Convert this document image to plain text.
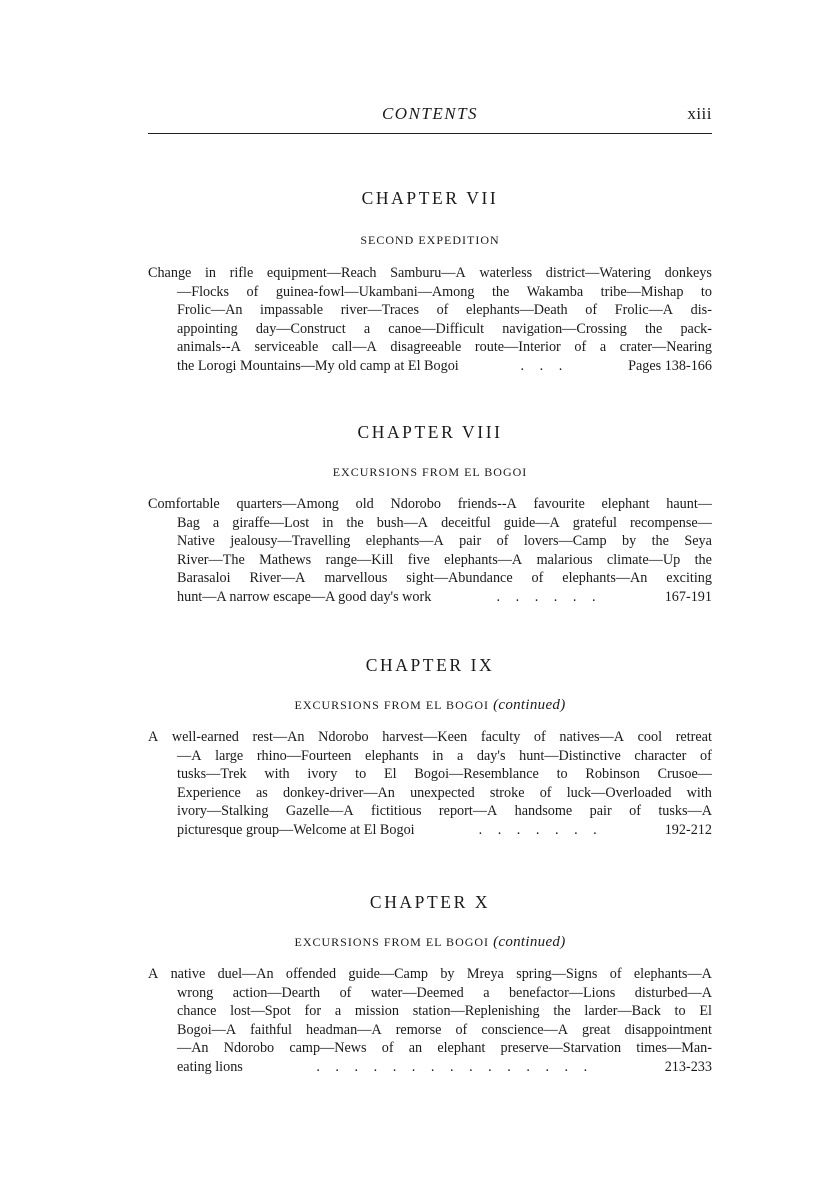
CONTENTS	xiii
CHAPTER VII
SECOND EXPEDITION
Change in rifle equipment—Reach Samburu—A waterless district—Watering donkeys
—Flocks of guinea-fowl—Ukambani—Among the Wakamba tribe—Mishap to
Frolic—An impassable river—Traces of elephants—Death of Frolic—A dis-
appointing day—Construct a canoe—Difficult navigation—Crossing the pack-
animals--A serviceable call—A disagreeable route—Interior of a crater—Nearing
the Lorogi Mountains—My old camp at El Bogoi	. . .	Pages 138-166
CHAPTER VIII
EXCURSIONS FROM EL BOGOI
Comfortable quarters—Among old Ndorobo friends--A favourite elephant haunt—
Bag a giraffe—Lost in the bush—A deceitful guide—A grateful recompense—
Native jealousy—Travelling elephants—A pair of lovers—Camp by the Seya
River—The Mathews range—Kill five elephants—A malarious climate—Up the
Barasaloi River—A marvellous sight—Abundance of elephants—An exciting
hunt—A narrow escape—A good day's work	. . . . . .	167-191
CHAPTER IX
EXCURSIONS FROM EL BOGOI (continued)
A well-earned rest—An Ndorobo harvest—Keen faculty of natives—A cool retreat
—A large rhino—Fourteen elephants in a day's hunt—Distinctive character of
tusks—Trek with ivory to El Bogoi—Resemblance to Robinson Crusoe—
Experience as donkey-driver—An unexpected stroke of luck—Overloaded with
ivory—Stalking Gazelle—A fictitious report—A handsome pair of tusks—A
picturesque group—Welcome at El Bogoi	. . . . . . .	192-212
CHAPTER X
EXCURSIONS FROM EL BOGOI (continued)
A native duel—An offended guide—Camp by Mreya spring—Signs of elephants—A
wrong action—Dearth of water—Deemed a benefactor—Lions disturbed—A
chance lost—Spot for a mission station—Replenishing the larder—Back to El
Bogoi—A faithful headman—A remorse of conscience—A great disappointment
—An Ndorobo camp—News of an elephant preserve—Starvation times—Man-
eating lions	. . . . . . . . . . . . . . .	213-233
